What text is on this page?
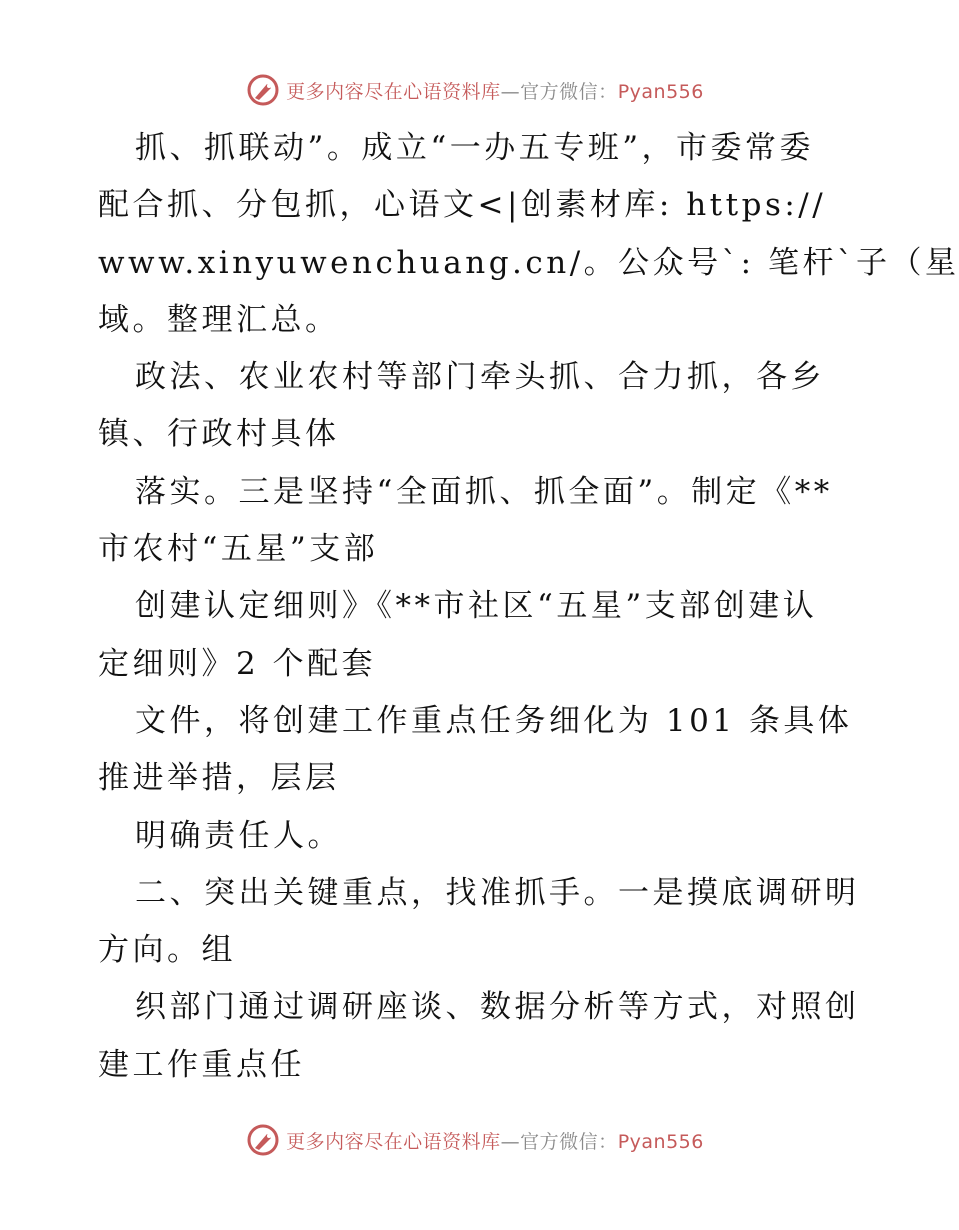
更多内容尽在心语资料库—官方微信：Pyan556
抓、抓联动”。成立“一办五专班”，市委常委
配合抓、分包抓，心语文<|创素材库: https://
www.xinyuwenchuang.cn/。公众号`: 笔杆`子（星
域。整理汇总。
政法、农业农村等部门牵头抓、合力抓，各乡
镇、行政村具体
落实。三是坚持“全面抓、抓全面”。制定《**
市农村“五星”支部
创建认定细则》《**市社区“五星”支部创建认
定细则》2 个配套
文件，将创建工作重点任务细化为 101 条具体
推进举措，层层
明确责任人。
二、突出关键重点，找准抓手。一是摸底调研明
方向。组
织部门通过调研座谈、数据分析等方式，对照创
建工作重点任
更多内容尽在心语资料库—官方微信：Pyan556
